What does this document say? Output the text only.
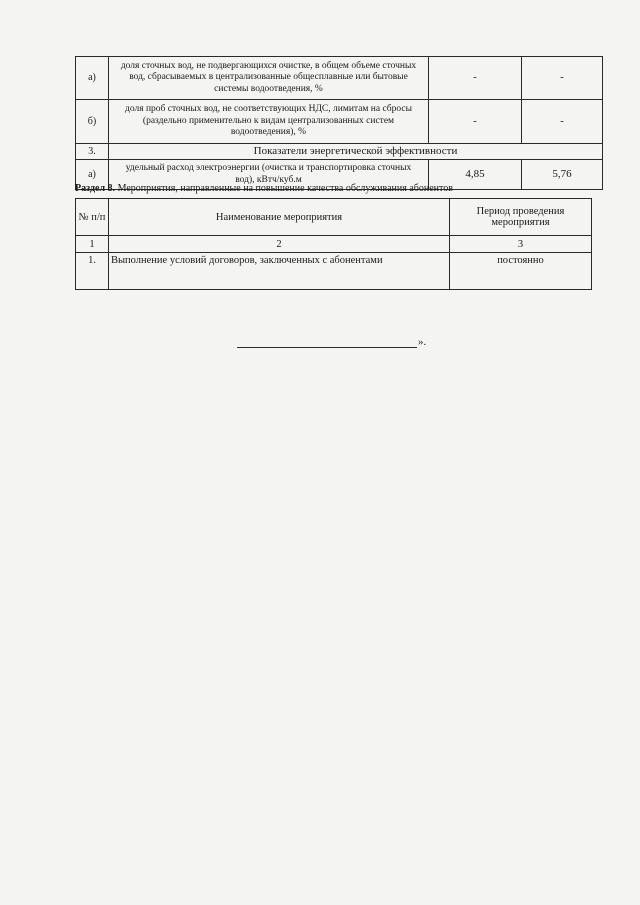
а)	доля сточных вод, не подвергающихся очистке, в общем объеме сточных вод, сбрасываемых в централизованные общесплавные или бытовые системы водоотведения, %	-	-
б)	доля проб сточных вод, не соответствующих НДС, лимитам на сбросы (раздельно применительно к видам централизованных систем водоотведения), %	-	-
3.	Показатели энергетической эффективности		
а)	удельный расход электроэнергии (очистка и транспортировка сточных вод), кВтч/куб.м	4,85	5,76
Раздел 8. Мероприятия, направленные на повышение качества обслуживания абонентов
№ п/п	Наименование мероприятия	Период проведения мероприятия
1	2	3
1.	Выполнение условий договоров, заключенных с абонентами	постоянно
».
